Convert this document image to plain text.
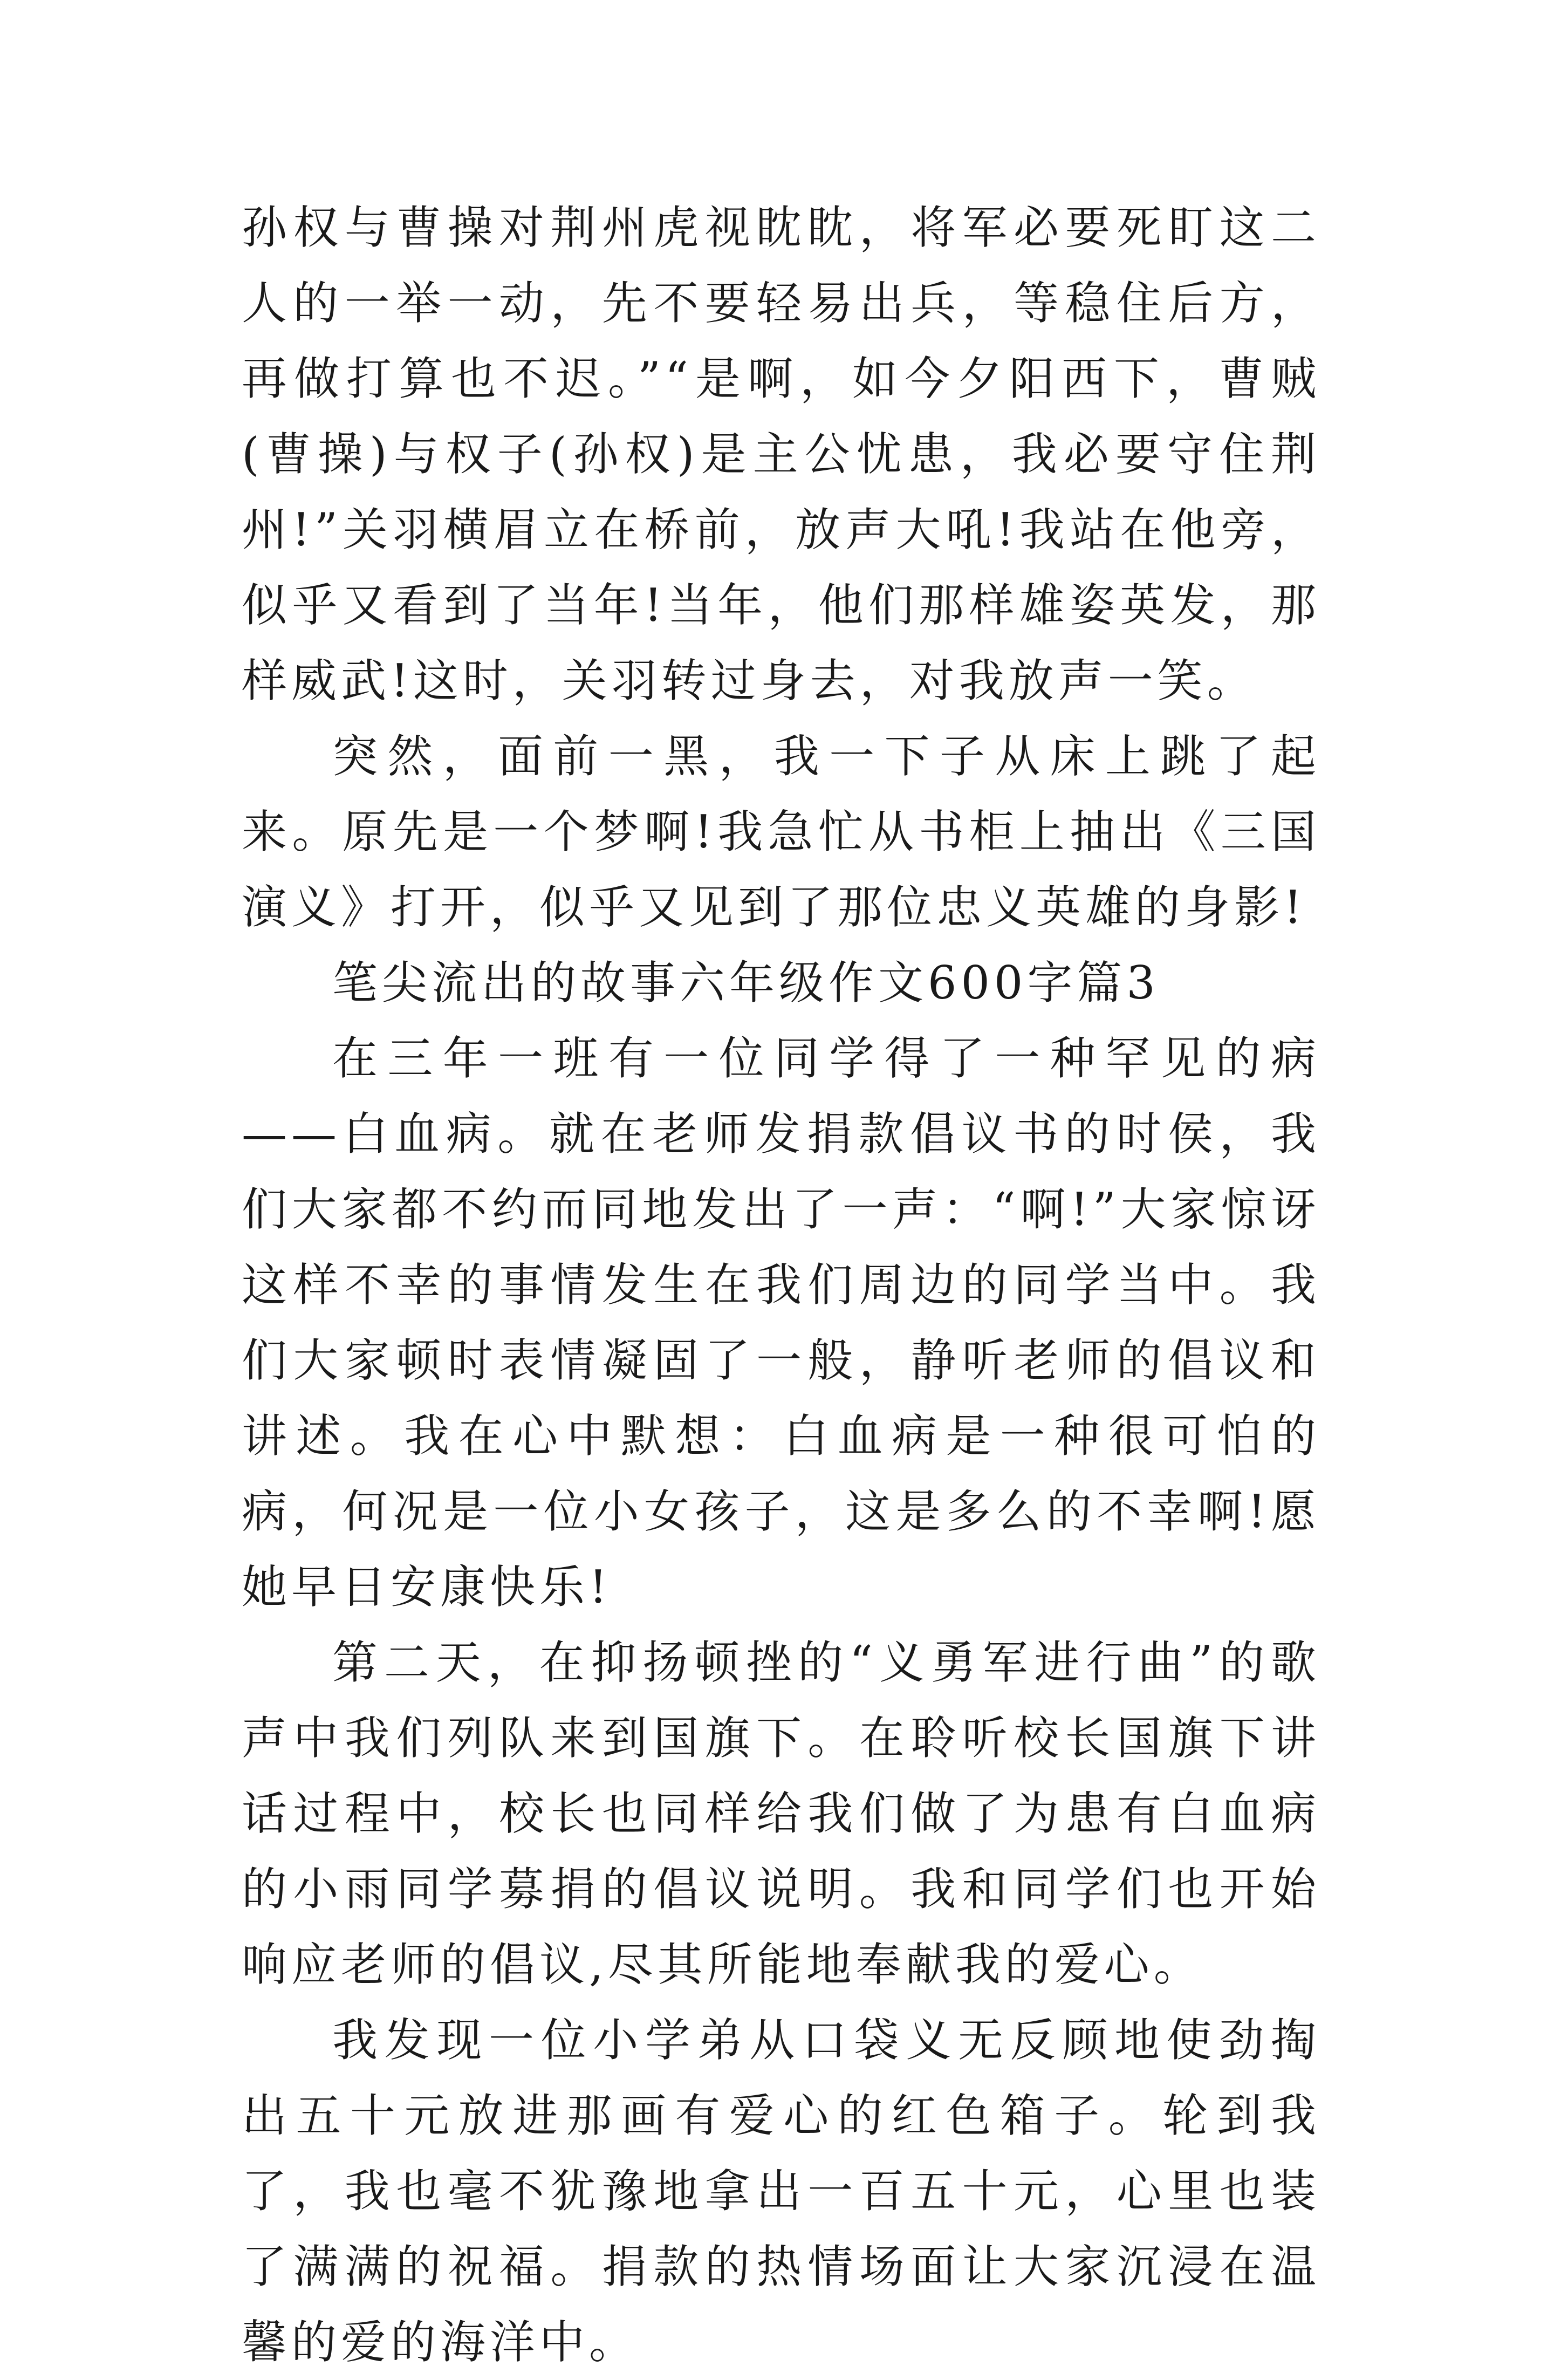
孙权与曹操对荆州虎视眈眈，将军必要死盯这二人的一举一动，先不要轻易出兵，等稳住后方，再做打算也不迟。”“是啊，如今夕阳西下，曹贼(曹操)与权子(孙权)是主公忧患，我必要守住荆州!”关羽横眉立在桥前，放声大吼!我站在他旁，似乎又看到了当年!当年，他们那样雄姿英发，那样威武!这时，关羽转过身去，对我放声一笑。

突然，面前一黑，我一下子从床上跳了起来。原先是一个梦啊!我急忙从书柜上抽出《三国演义》打开，似乎又见到了那位忠义英雄的身影!

笔尖流出的故事六年级作文600字篇3

在三年一班有一位同学得了一种罕见的病——白血病。就在老师发捐款倡议书的时侯，我们大家都不约而同地发出了一声：“啊!”大家惊讶这样不幸的事情发生在我们周边的同学当中。我们大家顿时表情凝固了一般，静听老师的倡议和讲述。我在心中默想：白血病是一种很可怕的病，何况是一位小女孩子，这是多么的不幸啊!愿她早日安康快乐!

第二天，在抑扬顿挫的“义勇军进行曲”的歌声中我们列队来到国旗下。在聆听校长国旗下讲话过程中，校长也同样给我们做了为患有白血病的小雨同学募捐的倡议说明。我和同学们也开始响应老师的倡议,尽其所能地奉献我的爱心。

我发现一位小学弟从口袋义无反顾地使劲掏出五十元放进那画有爱心的红色箱子。轮到我了，我也毫不犹豫地拿出一百五十元，心里也装了满满的祝福。捐款的热情场面让大家沉浸在温馨的爱的海洋中。
